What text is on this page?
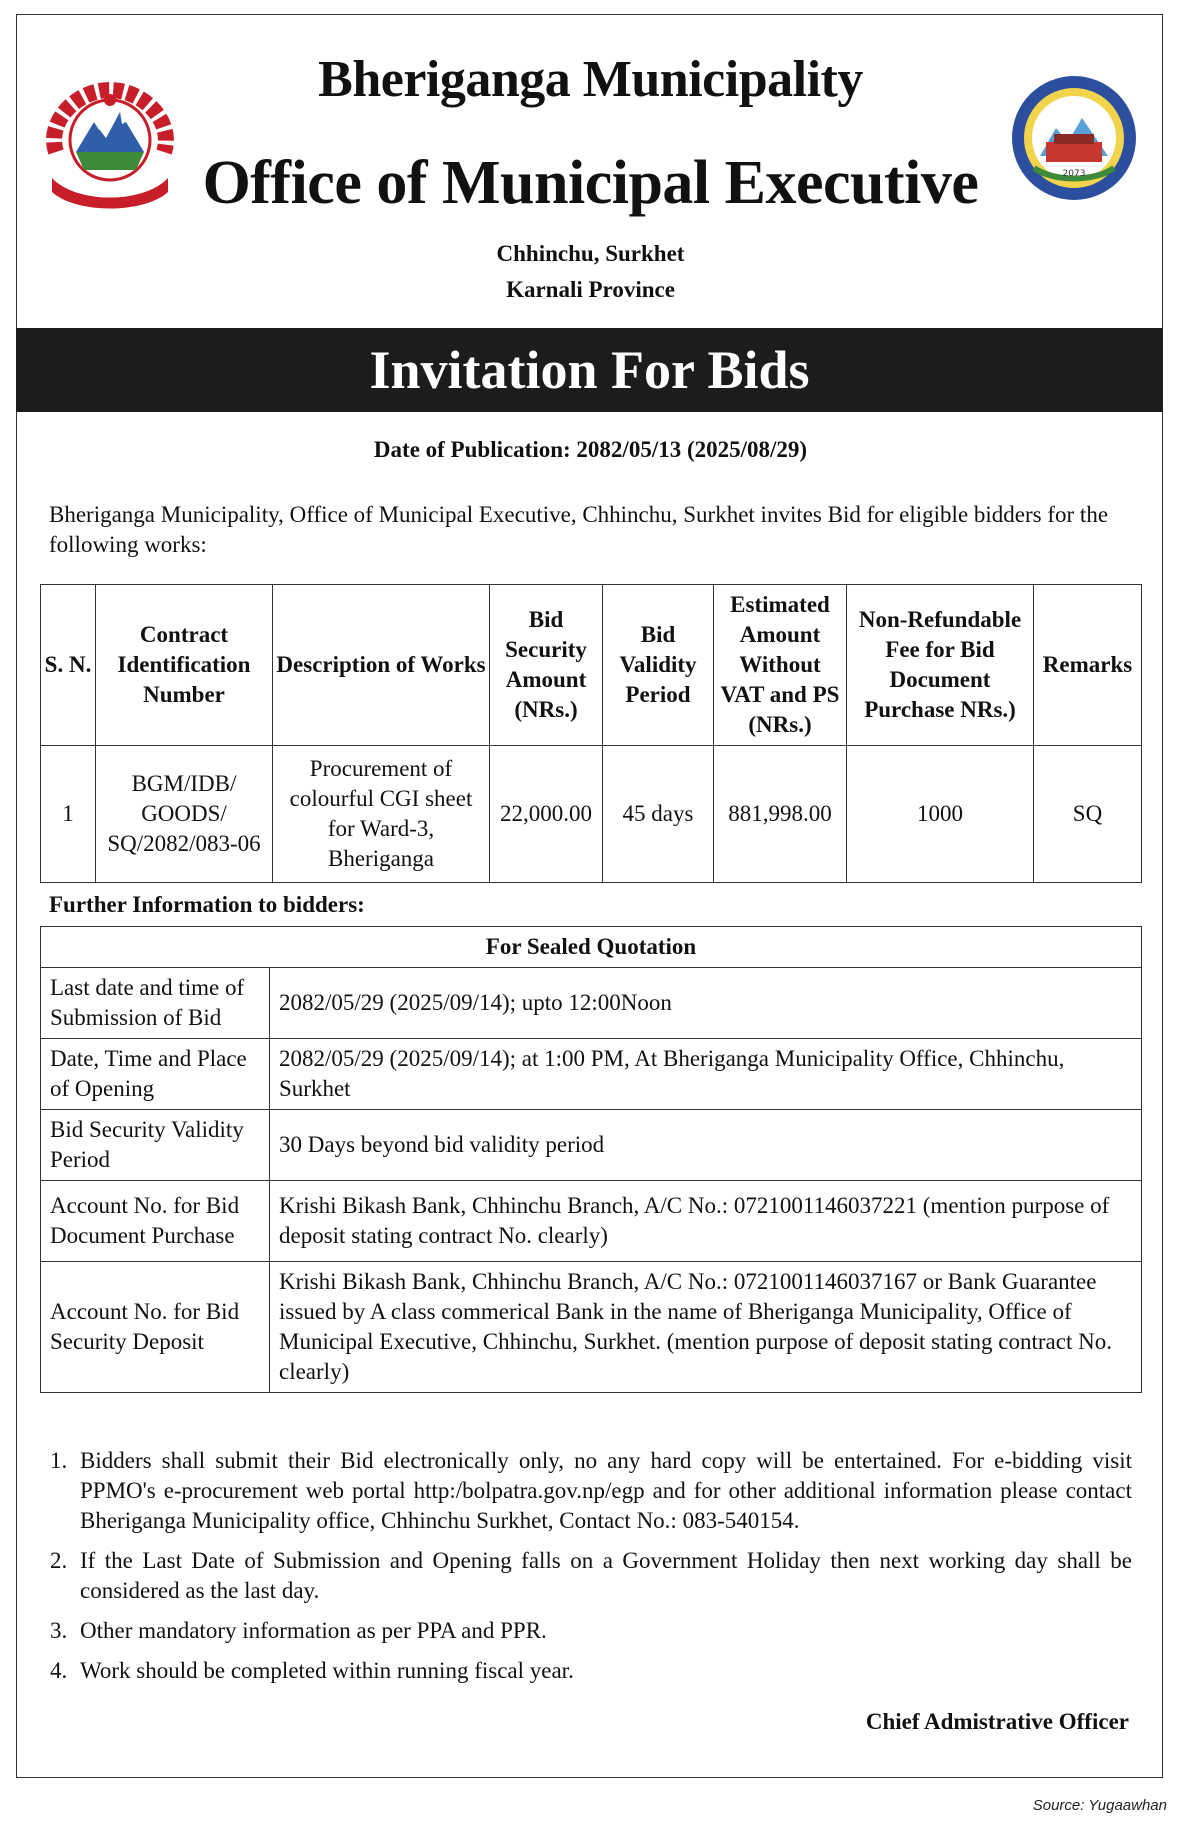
2073
Bheriganga Municipality
Office of Municipal Executive
Chhinchu, Surkhet
Karnali Province
Invitation For Bids
Date of Publication: 2082/05/13 (2025/08/29)
Bheriganga Municipality, Office of Municipal Executive, Chhinchu, Surkhet invites Bid for eligible bidders for the following works:
S. N.	Contract Identification Number	Description of Works	Bid Security Amount (NRs.)	Bid Validity Period	Estimated Amount Without VAT and PS (NRs.)	Non-Refundable Fee for Bid Document Purchase NRs.)	Remarks
1	BGM/IDB/ GOODS/ SQ/2082/083-06	Procurement of colourful CGI sheet for Ward-3, Bheriganga	22,000.00	45 days	881,998.00	1000	SQ
Further Information to bidders:
For Sealed Quotation	
Last date and time of Submission of Bid	2082/05/29 (2025/09/14); upto 12:00Noon
Date, Time and Place of Opening	2082/05/29 (2025/09/14); at 1:00 PM, At Bheriganga Municipality Office, Chhinchu, Surkhet
Bid Security Validity Period	30 Days beyond bid validity period
Account No. for Bid Document Purchase	Krishi Bikash Bank, Chhinchu Branch, A/C No.: 0721001146037221 (mention purpose of deposit stating contract No. clearly)
Account No. for Bid Security Deposit	Krishi Bikash Bank, Chhinchu Branch, A/C No.: 0721001146037167 or Bank Guarantee issued by A class commerical Bank in the name of Bheriganga Municipality, Office of Municipal Executive, Chhinchu, Surkhet. (mention purpose of deposit stating contract No. clearly)
1. Bidders shall submit their Bid electronically only, no any hard copy will be entertained. For e-bidding visit PPMO's e-procurement web portal http:/bolpatra.gov.np/egp and for other additional information please contact Bheriganga Municipality office, Chhinchu Surkhet, Contact No.: 083-540154.
2. If the Last Date of Submission and Opening falls on a Government Holiday then next working day shall be considered as the last day.
3. Other mandatory information as per PPA and PPR.
4. Work should be completed within running fiscal year.
Chief Admistrative Officer
Source: Yugaawhan
